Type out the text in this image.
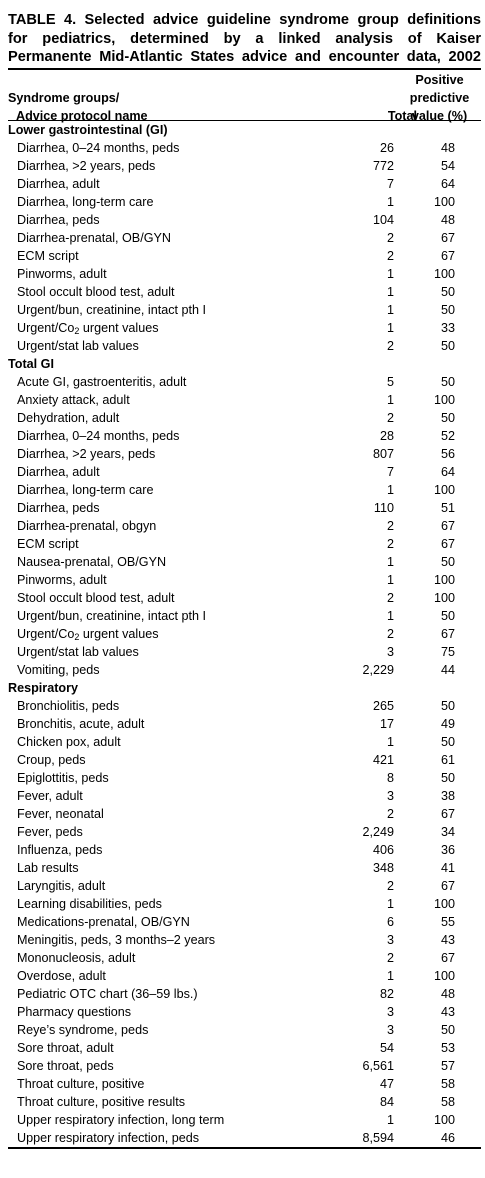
TABLE 4. Selected advice guideline syndrome group definitions
for pediatrics, determined by a linked analysis of Kaiser
Permanente Mid-Atlantic States advice and encounter data, 2002
Syndrome groups/
Advice protocol name	Total
Positive
predictive
value (%)
Lower gastrointestinal (GI)		
Diarrhea, 0–24 months, peds	26	48
Diarrhea, >2 years, peds	772	54
Diarrhea, adult	7	64
Diarrhea, long-term care	1	100
Diarrhea, peds	104	48
Diarrhea-prenatal, OB/GYN	2	67
ECM script	2	67
Pinworms, adult	1	100
Stool occult blood test, adult	1	50
Urgent/bun, creatinine, intact pth I	1	50
Urgent/$Co_2$ urgent values	1	33
Urgent/stat lab values	2	50
Total GI		
Acute GI, gastroenteritis, adult	5	50
Anxiety attack, adult	1	100
Dehydration, adult	2	50
Diarrhea, 0–24 months, peds	28	52
Diarrhea, >2 years, peds	807	56
Diarrhea, adult	7	64
Diarrhea, long-term care	1	100
Diarrhea, peds	110	51
Diarrhea-prenatal, obgyn	2	67
ECM script	2	67
Nausea-prenatal, OB/GYN	1	50
Pinworms, adult	1	100
Stool occult blood test, adult	2	100
Urgent/bun, creatinine, intact pth I	1	50
Urgent/$Co_2$ urgent values	2	67
Urgent/stat lab values	3	75
Vomiting, peds	2,229	44
Respiratory		
Bronchiolitis, peds	265	50
Bronchitis, acute, adult	17	49
Chicken pox, adult	1	50
Croup, peds	421	61
Epiglottitis, peds	8	50
Fever, adult	3	38
Fever, neonatal	2	67
Fever, peds	2,249	34
Influenza, peds	406	36
Lab results	348	41
Laryngitis, adult	2	67
Learning disabilities, peds	1	100
Medications-prenatal, OB/GYN	6	55
Meningitis, peds, 3 months–2 years	3	43
Mononucleosis, adult	2	67
Overdose, adult	1	100
Pediatric OTC chart (36–59 lbs.)	82	48
Pharmacy questions	3	43
Reye’s syndrome, peds	3	50
Sore throat, adult	54	53
Sore throat, peds	6,561	57
Throat culture, positive	47	58
Throat culture, positive results	84	58
Upper respiratory infection, long term	1	100
Upper respiratory infection, peds	8,594	46
